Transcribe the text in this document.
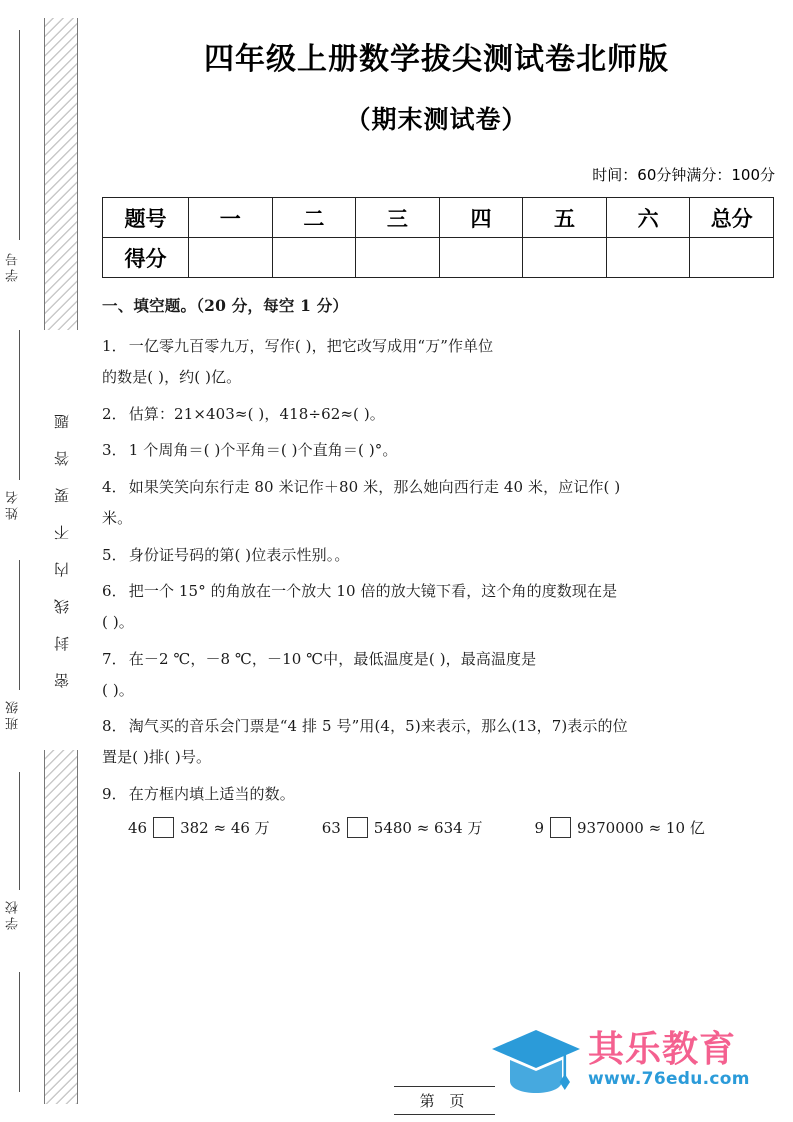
学号
姓名
班级
学校
密封线内不要答题
四年级上册数学拔尖测试卷北师版
（期末测试卷）
时间：60分钟满分：100分
题号	一	二	三	四	五	六	总分
得分							
一、填空题。（20 分，每空 1 分）
1． 一亿零九百零九万，写作( )，把它改写成用“万”作单位
的数是( )，约( )亿。
2． 估算：21×403≈( )，418÷62≈( )。
3． 1 个周角＝( )个平角＝( )个直角＝( )°。
4． 如果笑笑向东行走 80 米记作＋80 米，那么她向西行走 40 米，应记作( )
米。
5． 身份证号码的第( )位表示性别。。
6． 把一个 15° 的角放在一个放大 10 倍的放大镜下看，这个角的度数现在是
( )。
7． 在－2 ℃，－8 ℃，－10 ℃中，最低温度是( )，最高温度是
( )。
8． 淘气买的音乐会门票是“4 排 5 号”用(4，5)来表示，那么(13，7)表示的位
置是( )排( )号。
9． 在方框内填上适当的数。
46 382 ≈ 46 万	63 5480 ≈ 634 万	9 9370000 ≈ 10 亿
其乐教育
www.76edu.com
第 页
